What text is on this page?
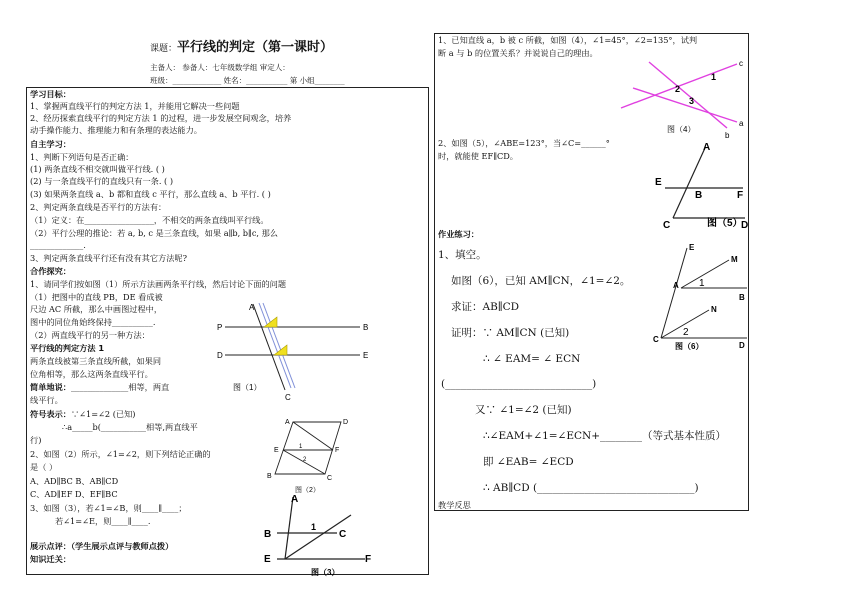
课题：平行线的判定（第一课时）
主备人： 参备人：七年级数学组 审定人：
班级：_____________ 姓名：___________ 第 小组________
学习目标：
1、掌握两直线平行的判定方法 1，并能用它解决一些问题
2、经历探索直线平行的判定方法 1 的过程，进一步发展空间观念，培养
动手操作能力、推理能力和有条理的表达能力。
自主学习：
1、判断下列语句是否正确：
(1) 两条直线不相交就叫做平行线. ( )
(2) 与一条直线平行的直线只有一条. ( )
(3) 如果两条直线 a、b 都和直线 c 平行，那么直线 a、b 平行. ( )
2、判定两条直线是否平行的方法有：
（1）定义：在_________________，不相交的两条直线叫平行线。
（2）平行公理的推论：若 a, b, c 是三条直线，如果 a∥b, b∥c, 那么
_____________.
3、判定两条直线平行还有没有其它方法呢?
合作探究：
1、请同学们按如图（1）所示方法画两条平行线，然后讨论下面的问题
（1）把图中的直线 PB，DE 看成被
尺边 AC 所截，那么中画图过程中，
图中的同位角始终保持__________.
（2）两直线平行的另一种方法：
平行线的判定方法 1
两条直线被第三条直线所截，如果同
位角相等，那么这两条直线平行。
简单地说：______________相等，两直
线平行。
符号表示：∵∠1=∠2 (已知)
∴a_____b(___________相等,两直线平
行)
2、如图（2）所示，∠1=∠2，则下列结论正确的
是（ ）
A、AD∥BC B、AB∥CD
C、AD∥EF D、EF∥BC
3、如图（3），若∠1=∠B，则____∥____；
若∠1=∠E，则____∥____.
展示点评：（学生展示点评与教师点拨）
知识迁关：
A
P	B
D	E
C
图（1）
A	D
E	F
B	C
1
2
图（2）
A
B	C
E	F
1
图（3）
1、已知直线 a，b 被 c 所截，如图（4），∠1=45°，∠2=135°，试判
断 a 与 b 的位置关系？并说说自己的理由。
2、如图（5），∠ABE=123°，当∠C=______°
时，就能使 EF∥CD。
作业练习：
1、填空。
如图（6），已知 AM∥CN，∠1=∠2。
求证：AB∥CD
证明：∵ AM∥CN (已知)
∴ ∠ EAM= ∠ ECN
(____________________________)
又∵ ∠1=∠2 (已知)
∴∠EAM+∠1=∠ECN+________（等式基本性质）
即 ∠EAB= ∠ECD
∴ AB∥CD (______________________________)
教学反思
c
1
2
3
a
b
图（4）
A
E
B	F
C	D
图（5）
E
M
A 1
B
N
C
2
D
图（6）
